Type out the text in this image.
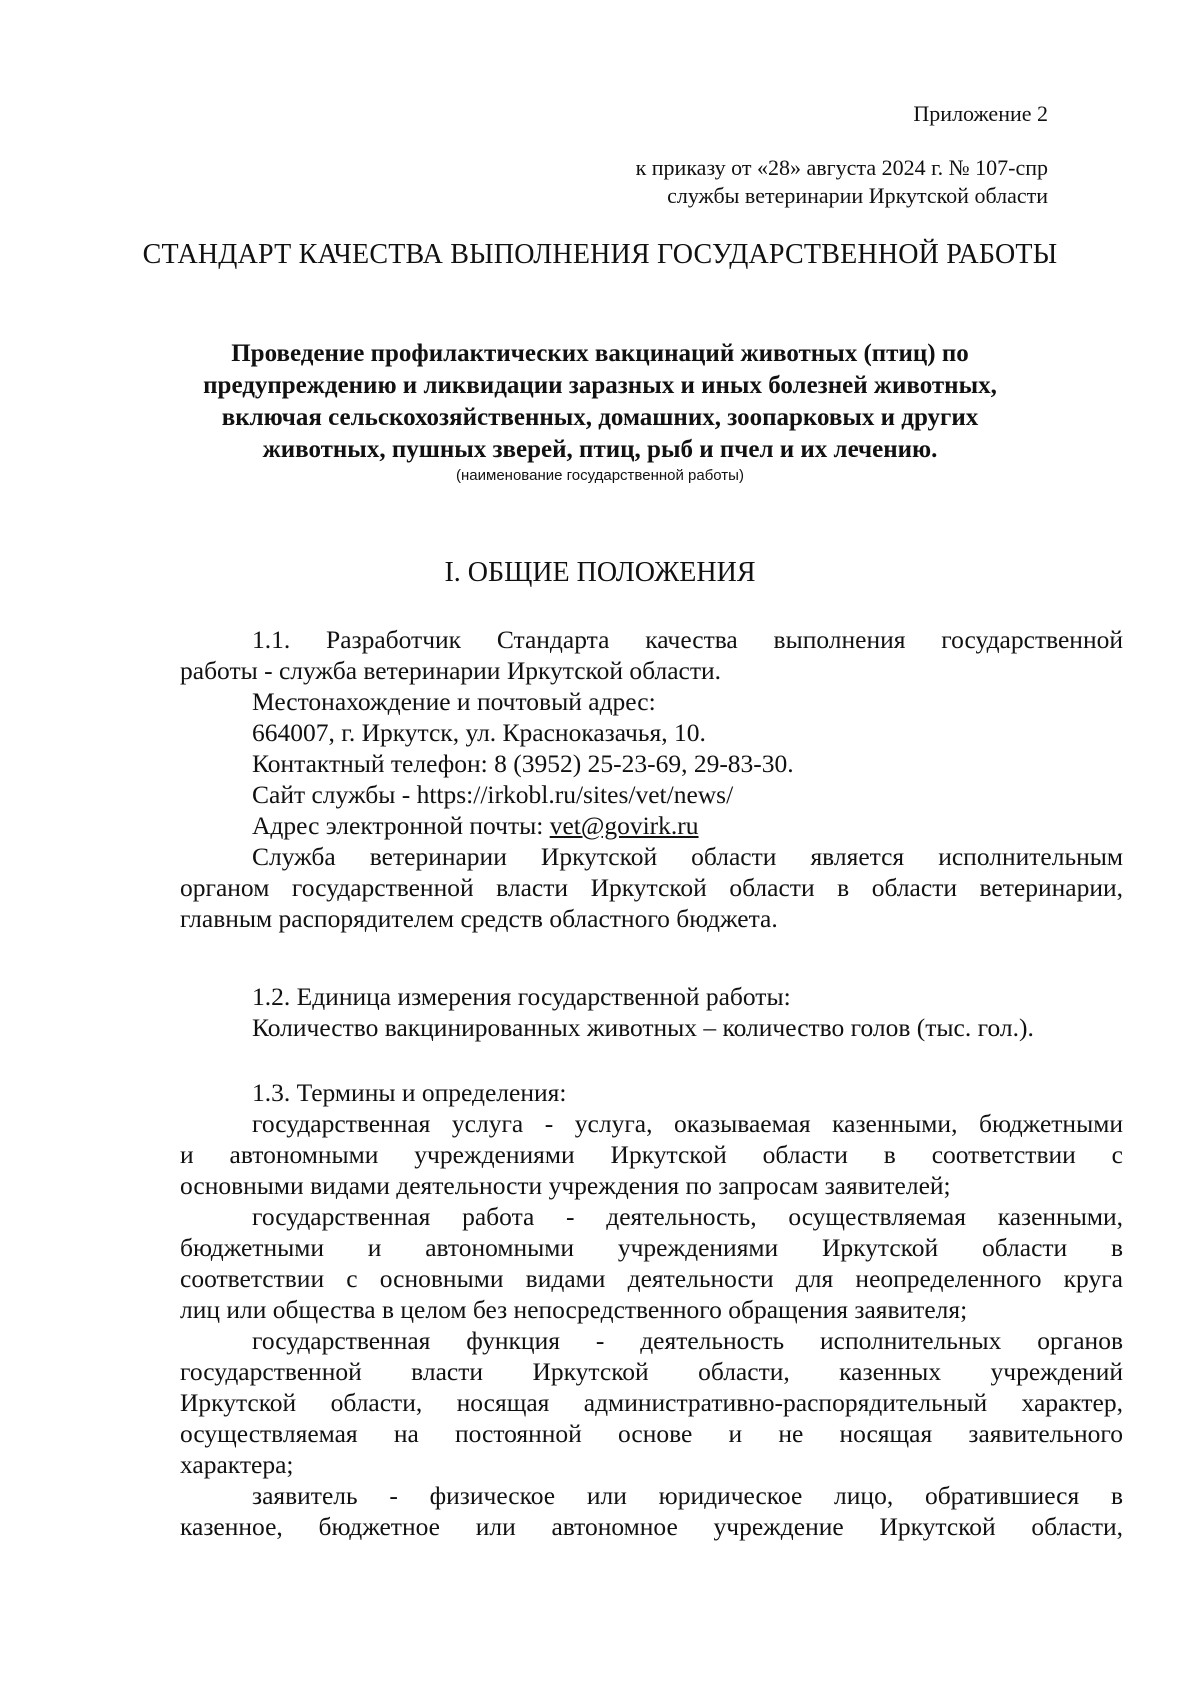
Приложение 2
к приказу от «28» августа 2024 г. № 107-спр
службы ветеринарии Иркутской области
СТАНДАРТ КАЧЕСТВА ВЫПОЛНЕНИЯ ГОСУДАРСТВЕННОЙ РАБОТЫ
Проведение профилактических вакцинаций животных (птиц) по
предупреждению и ликвидации заразных и иных болезней животных,
включая сельскохозяйственных, домашних, зоопарковых и других
животных, пушных зверей, птиц, рыб и пчел и их лечению.
(наименование государственной работы)
I. ОБЩИЕ ПОЛОЖЕНИЯ
1.1. Разработчик Стандарта качества выполнения государственной
работы - служба ветеринарии Иркутской области.
Местонахождение и почтовый адрес:
664007, г. Иркутск, ул. Красноказачья, 10.
Контактный телефон: 8 (3952) 25-23-69, 29-83-30.
Сайт службы - https://irkobl.ru/sites/vet/news/
Адрес электронной почты: vet@govirk.ru
Служба ветеринарии Иркутской области является исполнительным
органом государственной власти Иркутской области в области ветеринарии,
главным распорядителем средств областного бюджета.
1.2. Единица измерения государственной работы:
Количество вакцинированных животных – количество голов (тыс. гол.).
1.3. Термины и определения:
государственная услуга - услуга, оказываемая казенными, бюджетными
и автономными учреждениями Иркутской области в соответствии с
основными видами деятельности учреждения по запросам заявителей;
государственная работа - деятельность, осуществляемая казенными,
бюджетными и автономными учреждениями Иркутской области в
соответствии с основными видами деятельности для неопределенного круга
лиц или общества в целом без непосредственного обращения заявителя;
государственная функция - деятельность исполнительных органов
государственной власти Иркутской области, казенных учреждений
Иркутской области, носящая административно-распорядительный характер,
осуществляемая на постоянной основе и не носящая заявительного
характера;
заявитель - физическое или юридическое лицо, обратившиеся в
казенное, бюджетное или автономное учреждение Иркутской области,
